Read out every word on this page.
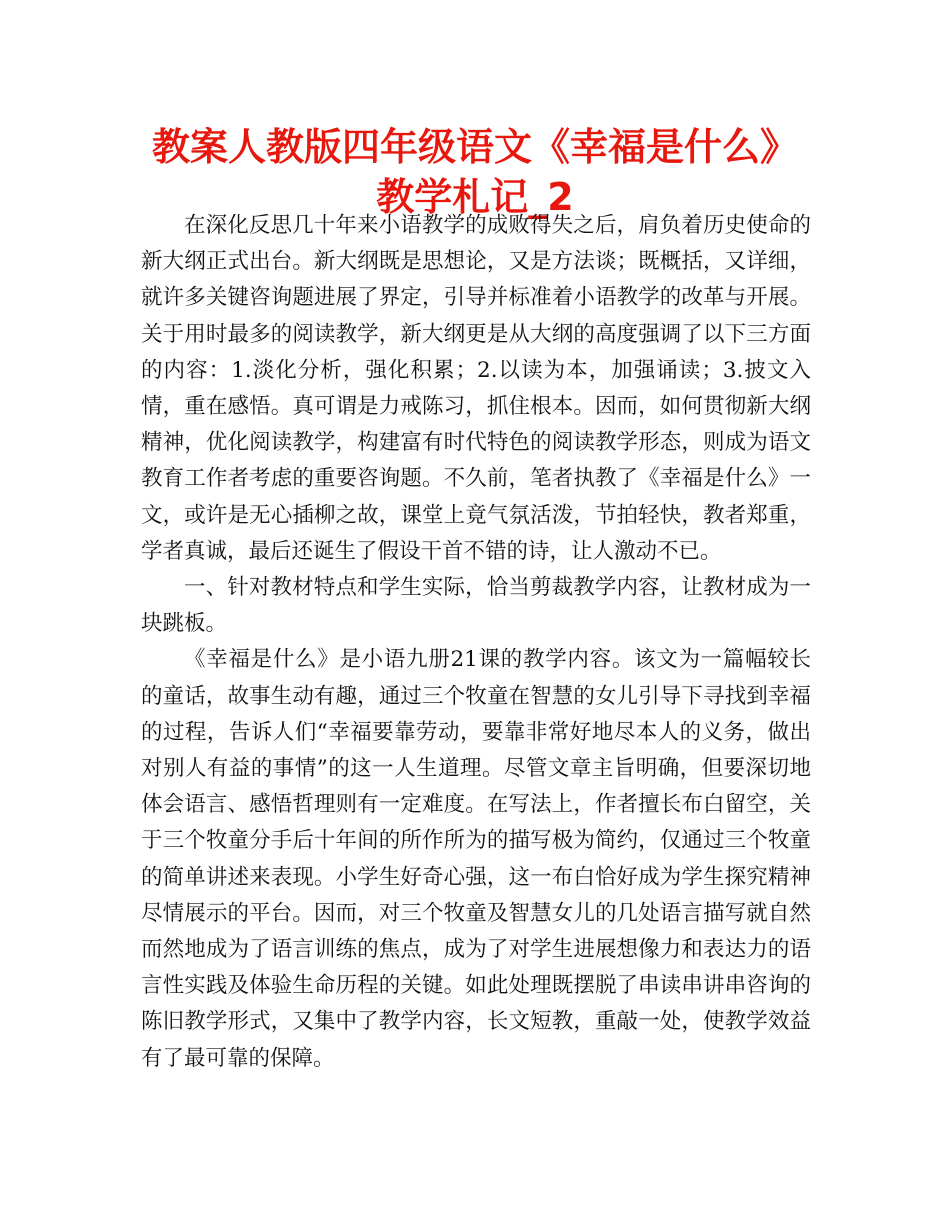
教案人教版四年级语文《幸福是什么》教学札记_2

在深化反思几十年来小语教学的成败得失之后，肩负着历史使命的新大纲正式出台。新大纲既是思想论，又是方法谈；既概括，又详细，就许多关键咨询题进展了界定，引导并标准着小语教学的改革与开展。关于用时最多的阅读教学，新大纲更是从大纲的高度强调了以下三方面的内容：1.淡化分析，强化积累；2.以读为本，加强诵读；3.披文入情，重在感悟。真可谓是力戒陈习，抓住根本。因而，如何贯彻新大纲精神，优化阅读教学，构建富有时代特色的阅读教学形态，则成为语文教育工作者考虑的重要咨询题。不久前，笔者执教了《幸福是什么》一文，或许是无心插柳之故，课堂上竟气氛活泼，节拍轻快，教者郑重，学者真诚，最后还诞生了假设干首不错的诗，让人激动不已。

一、针对教材特点和学生实际，恰当剪裁教学内容，让教材成为一块跳板。

《幸福是什么》是小语九册21课的教学内容。该文为一篇幅较长的童话，故事生动有趣，通过三个牧童在智慧的女儿引导下寻找到幸福的过程，告诉人们“幸福要靠劳动，要靠非常好地尽本人的义务，做出对别人有益的事情”的这一人生道理。尽管文章主旨明确，但要深切地体会语言、感悟哲理则有一定难度。在写法上，作者擅长布白留空，关于三个牧童分手后十年间的所作所为的描写极为简约，仅通过三个牧童的简单讲述来表现。小学生好奇心强，这一布白恰好成为学生探究精神尽情展示的平台。因而，对三个牧童及智慧女儿的几处语言描写就自然而然地成为了语言训练的焦点，成为了对学生进展想像力和表达力的语言性实践及体验生命历程的关键。如此处理既摆脱了串读串讲串咨询的陈旧教学形式，又集中了教学内容，长文短教，重敲一处，使教学效益有了最可靠的保障。
